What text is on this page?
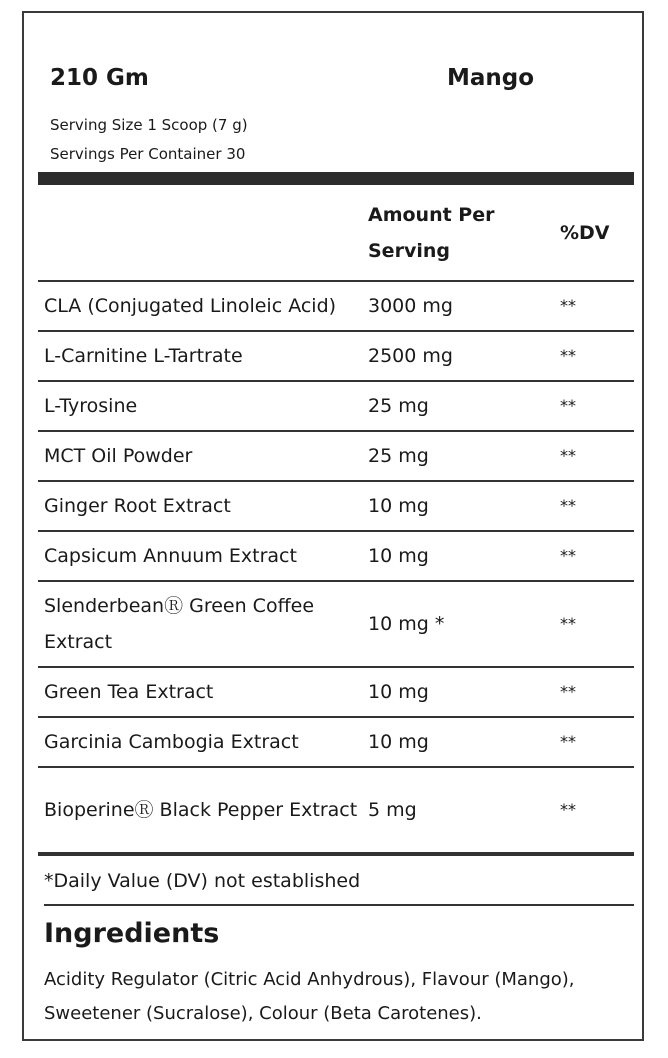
210 Gm	Mango
Serving Size 1 Scoop (7 g)
Servings Per Container 30
	Amount Per Serving	%DV
CLA (Conjugated Linoleic Acid)	3000 mg	**
L-Carnitine L-Tartrate	2500 mg	**
L-Tyrosine	25 mg	**
MCT Oil Powder	25 mg	**
Ginger Root Extract	10 mg	**
Capsicum Annuum Extract	10 mg	**
SlenderbeanⓇ Green Coffee Extract	10 mg *	**
Green Tea Extract	10 mg	**
Garcinia Cambogia Extract	10 mg	**
BioperineⓇ Black Pepper Extract	5 mg	**
*Daily Value (DV) not established
Ingredients
Acidity Regulator (Citric Acid Anhydrous), Flavour (Mango), Sweetener (Sucralose), Colour (Beta Carotenes).
